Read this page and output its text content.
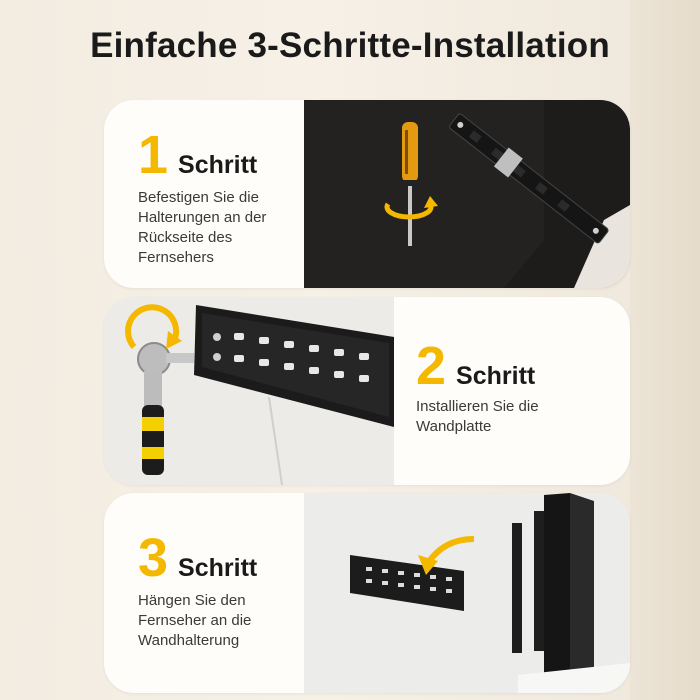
Einfache 3-Schritte-Installation
1 Schritt
Befestigen Sie die
Halterungen an der
Rückseite des
Fernsehers
2 Schritt
Installieren Sie die
Wandplatte
3 Schritt
Hängen Sie den
Fernseher an die
Wandhalterung
